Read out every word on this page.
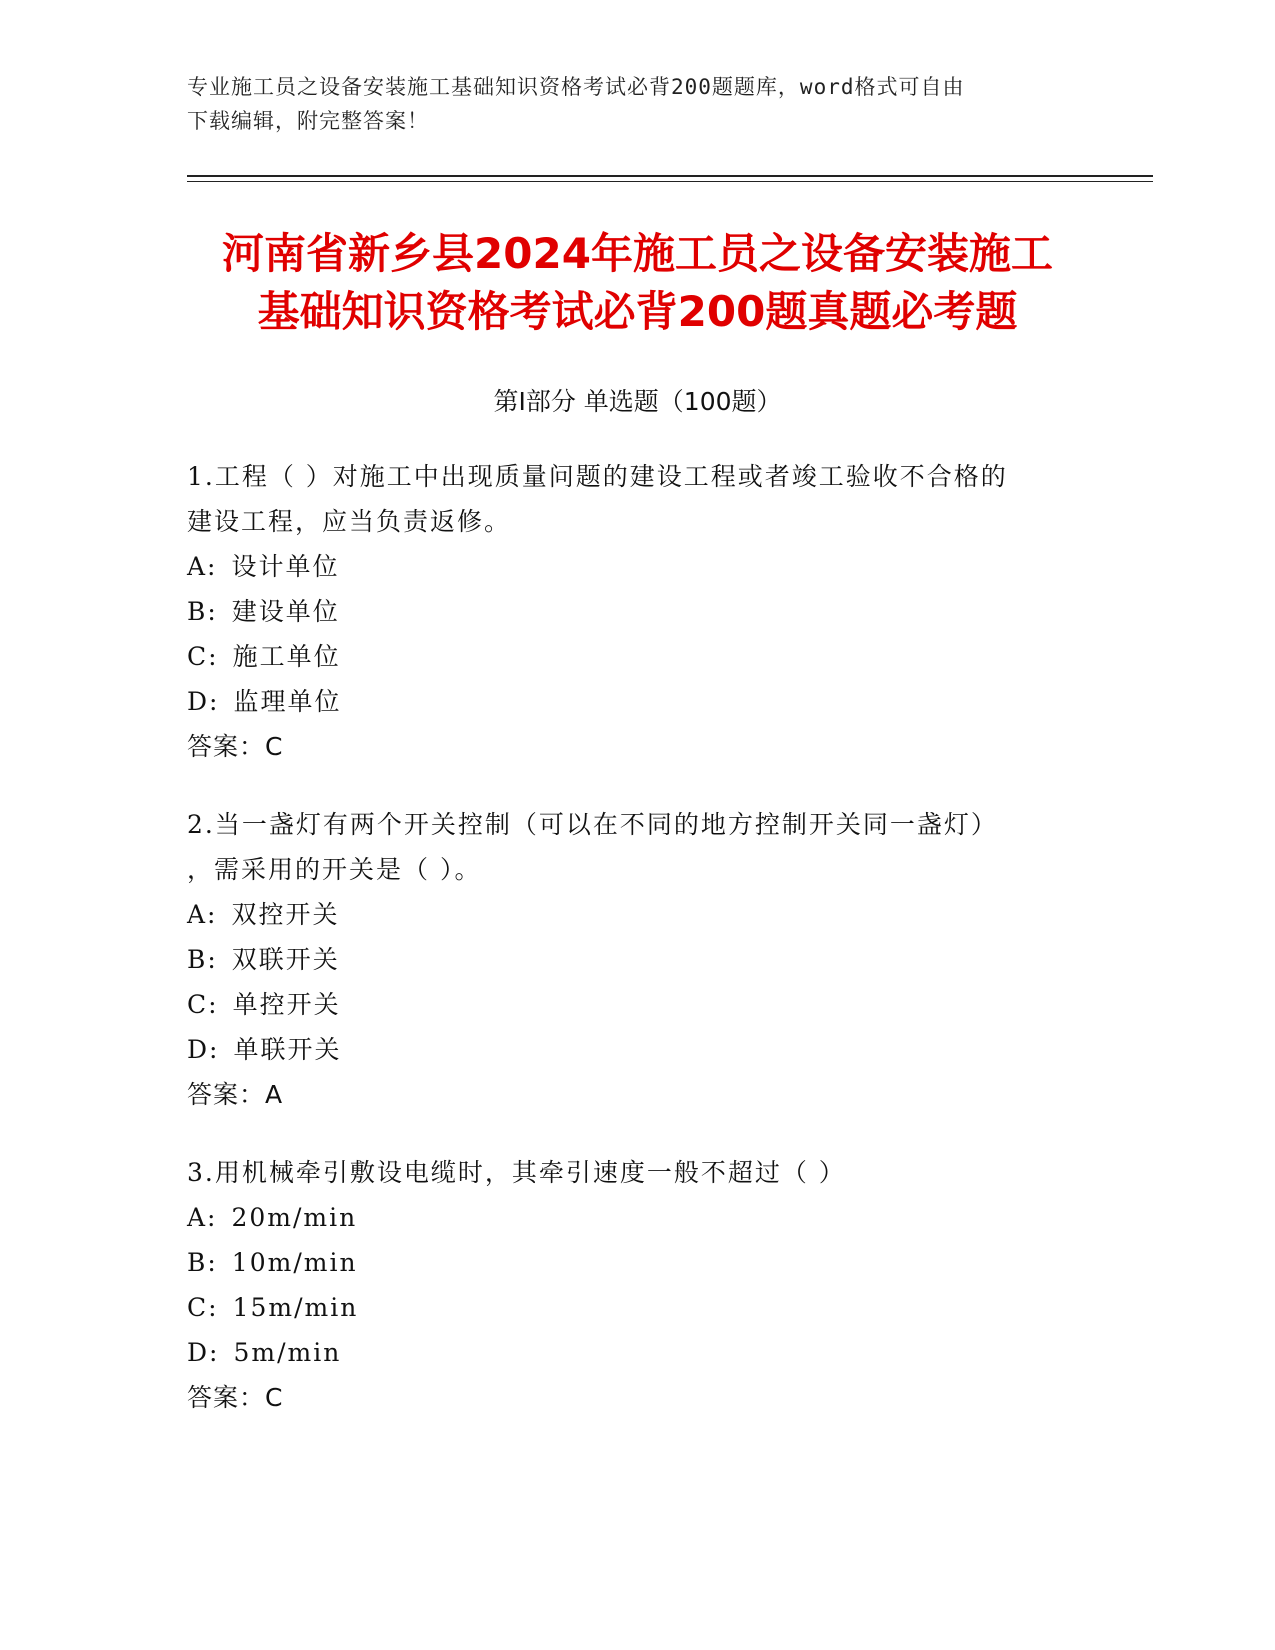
专业施工员之设备安装施工基础知识资格考试必背200题题库，word格式可自由
下载编辑，附完整答案！
河南省新乡县2024年施工员之设备安装施工
基础知识资格考试必背200题真题必考题
第Ⅰ部分 单选题（100题）
1.工程（ ）对施工中出现质量问题的建设工程或者竣工验收不合格的
建设工程，应当负责返修。
A: 设计单位
B: 建设单位
C: 施工单位
D: 监理单位
答案：C
2.当一盏灯有两个开关控制（可以在不同的地方控制开关同一盏灯）
，需采用的开关是（ ）。
A: 双控开关
B: 双联开关
C: 单控开关
D: 单联开关
答案：A
3.用机械牵引敷设电缆时，其牵引速度一般不超过（ ）
A: 20m/min
B: 10m/min
C: 15m/min
D: 5m/min
答案：C
